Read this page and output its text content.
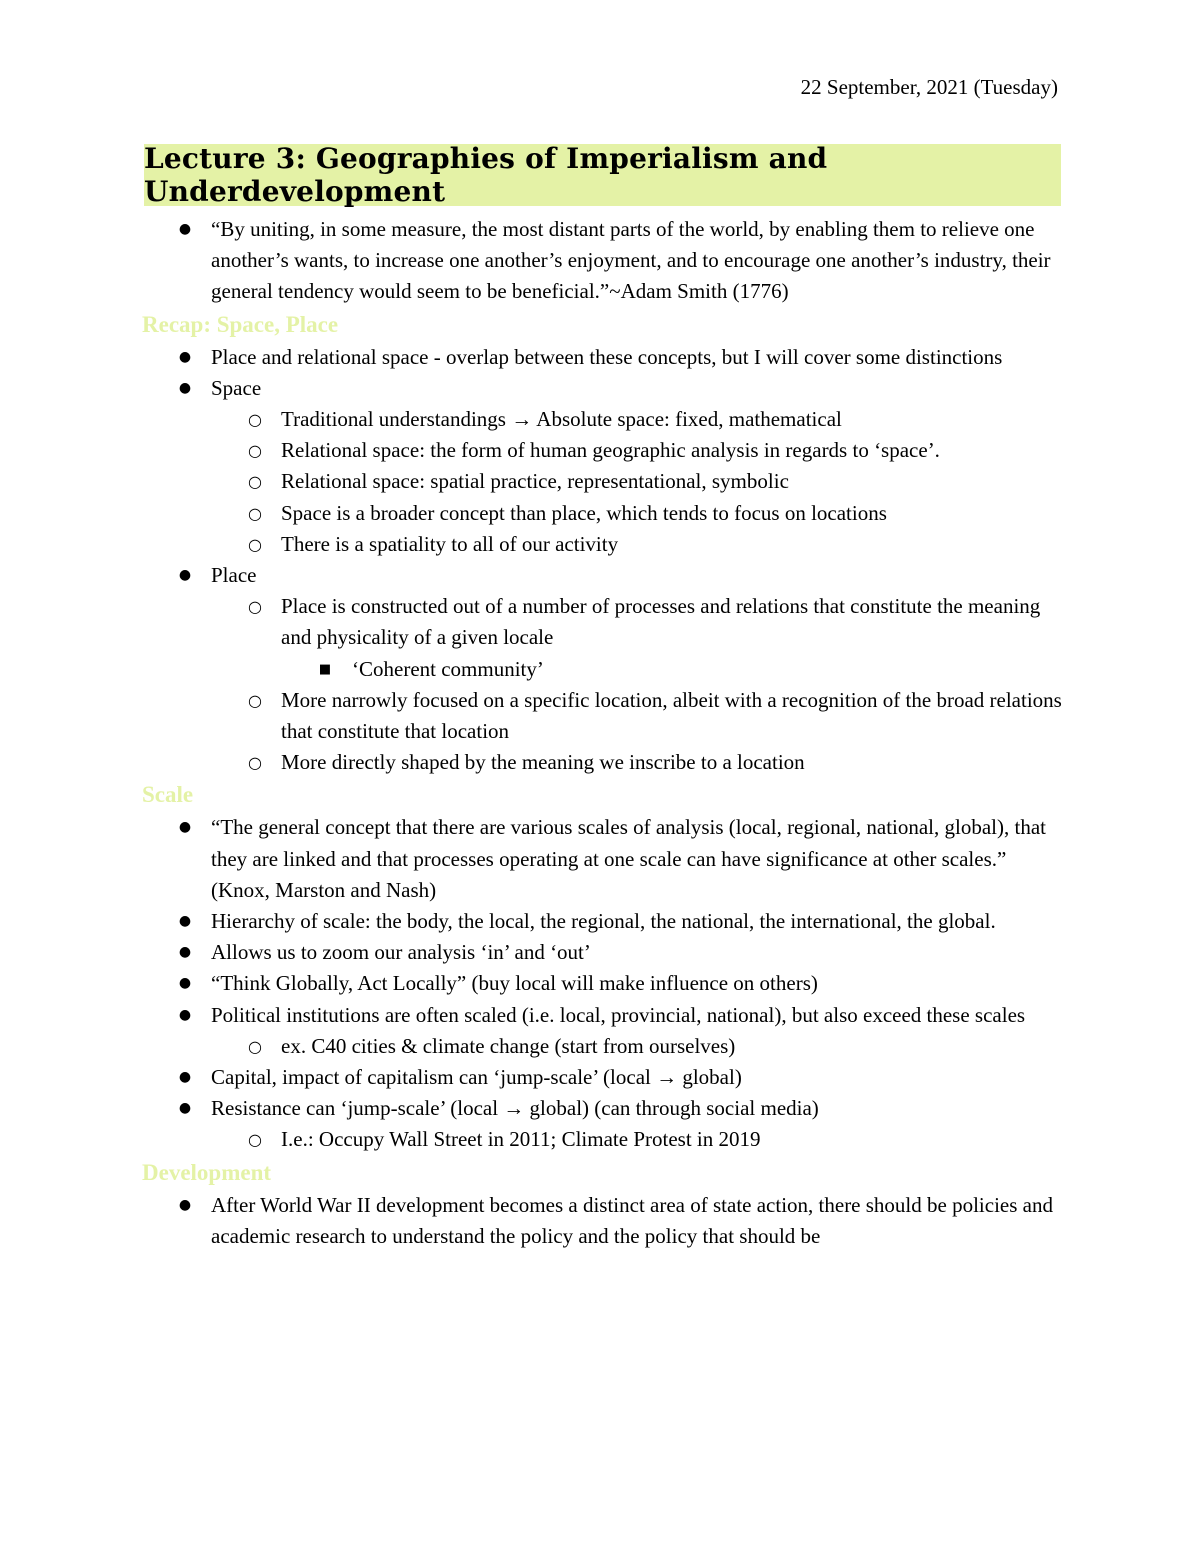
22 September, 2021 (Tuesday)
Lecture 3: Geographies of Imperialism and Underdevelopment
● “By uniting, in some measure, the most distant parts of the world, by enabling them to relieve one another’s wants, to increase one another’s enjoyment, and to encourage one another’s industry, their general tendency would seem to be beneficial.”~Adam Smith (1776)
Recap: Space, Place
● Place and relational space - overlap between these concepts, but I will cover some distinctions
● Space
○ Traditional understandings → Absolute space: fixed, mathematical
○ Relational space: the form of human geographic analysis in regards to ‘space’.
○ Relational space: spatial practice, representational, symbolic
○ Space is a broader concept than place, which tends to focus on locations
○ There is a spatiality to all of our activity
● Place
○ Place is constructed out of a number of processes and relations that constitute the meaning and physicality of a given locale
■ ‘Coherent community’
○ More narrowly focused on a specific location, albeit with a recognition of the broad relations that constitute that location
○ More directly shaped by the meaning we inscribe to a location
Scale
● “The general concept that there are various scales of analysis (local, regional, national, global), that they are linked and that processes operating at one scale can have significance at other scales.” (Knox, Marston and Nash)
● Hierarchy of scale: the body, the local, the regional, the national, the international, the global.
● Allows us to zoom our analysis ‘in’ and ‘out’
● “Think Globally, Act Locally” (buy local will make influence on others)
● Political institutions are often scaled (i.e. local, provincial, national), but also exceed these scales
○ ex. C40 cities & climate change (start from ourselves)
● Capital, impact of capitalism can ‘jump-scale’ (local → global)
● Resistance can ‘jump-scale’ (local → global) (can through social media)
○ I.e.: Occupy Wall Street in 2011; Climate Protest in 2019
Development
● After World War II development becomes a distinct area of state action, there should be policies and academic research to understand the policy and the policy that should be
